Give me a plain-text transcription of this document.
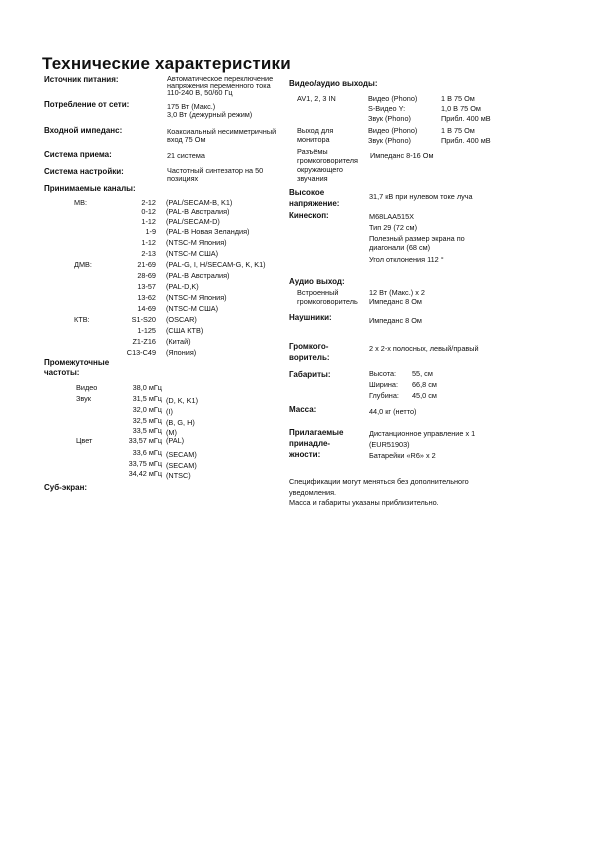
Технические характеристики
Источник питания:	Автоматическое переключение
напряжения переменного тока
110-240 В, 50/60 Гц
Потребление от сети:	175 Вт (Макс.)
3,0 Вт (дежурный режим)
Входной импеданс:	Коаксиальный несимметричный
вход 75 Ом
Система приема:	21 система
Система настройки:	Частотный синтезатор на 50
позициях
Принимаемые каналы:
МВ:	2-12 (PAL/SECAM-B, K1)
0-12 (PAL-B Австралия)
1-12 (PAL/SECAM-D)
1-9 (PAL-B Новая Зеландия)
1-12 (NTSC-M Япония)
2-13 (NTSC-M США)
ДМВ:	21-69 (PAL-G, I, H/SECAM-G, K, K1)
28-69 (PAL-B Австралия)
13-57 (PAL-D,K)
13-62 (NTSC-M Япония)
14-69 (NTSC-M США)
КТВ:	S1-S20 (OSCAR)
1-125 (США КТВ)
Z1-Z16 (Китай)
C13-C49 (Япония)
Промежуточные
частоты:
Видео	38,0 мГц
Звук	31,5 мГц (D, K, K1)
32,0 мГц (I)
32,5 мГц (B, G, H)
33,5 мГц (M)
Цвет	33,57 мГц (PAL)
33,6 мГц (SECAM)
33,75 мГц (SECAM)
34,42 мГц (NTSC)
Суб-экран:
Видео/аудио выходы:
AV1, 2, 3 IN	Видео (Phono)	1 В 75 Ом
S-Видео Y:	1,0 В 75 Ом
Звук (Phono)	Прибл. 400 мВ
Выход для
монитора
Видео (Phono)	1 В 75 Ом
Звук (Phono)	Прибл. 400 мВ
Разъёмы
громкоговорителя
окружающего
звучания
Импеданс 8-16 Ом
Высокое
напряжение:
31,7 кВ при нулевом токе луча
Кинескоп:	M68LAA515X
Тип 29 (72 см)
Полезный размер экрана по
диагонали (68 см)
Угол отклонения 112 °
Аудио выход:
Встроенный
громкоговоритель
12 Вт (Макс.) x 2
Импеданс 8 Ом
Наушники:	Импеданс 8 Ом
Громкого-
воритель:
2 x 2-х полосных, левый/правый
Габариты:	Высота: 55, см
Ширина: 66,8 см
Глубина: 45,0 см
Масса:	44,0 кг (нетто)
Прилагаемые
принадле-
жности:
Дистанционное управление x 1
(EUR51903)
Батарейки «R6» x 2
Спецификации могут меняться без дополнительного
уведомления.
Масса и габариты указаны приблизительно.
